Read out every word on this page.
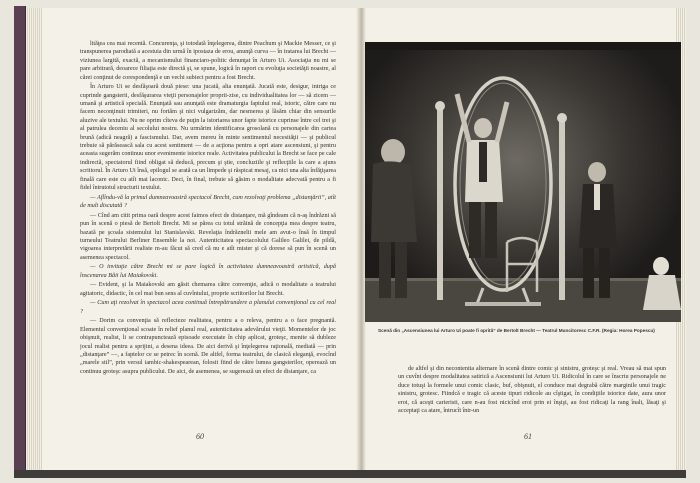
lităţea cea mai recentă. Concurenţa, şi totodată înţelegerea, dintre Peachum şi Mackie Messer, ce şi transpunerea parodiată a acestuia din urmă în ipostaza de erou, anunţă curva — în tratarea lui Brecht — viziunea largită, exactă, a mecanismului financiaro-politic denunţat în Arturo Ui. Asociaţia nu mi se pare arbitrară, deoarece filiaţia este directă şi, se spune, logică în raport cu evoluţia societăţii noastre, al cărei conţinut de corespondenţă e un vechi subiect pentru a fost Brecht.

În Arturo Ui se desfăşoară două piese: una jucată, alta enunţată. Jucată este, desigur, intriga ce cuprinde gangsterii, desfăşurarea vieţii personajelor proprii-zise, cu individualitatea lor — să zicem — umană şi artistică specială. Enunţată sau anunţată este dramaturgia faptului real, istoric, către care nu facem neconţinuit trimiteri, nu fortăm şi nici vulgarizăm, dar nesmerea şi lăsăm chiar din sensurile aluzive ale textului. Nu ne oprim cîteva de puţin la istoriarea unor fapte istorice cuprinse între cel trei şi al patrulea deceniu al secolului nostru. Nu urmărim identificarea grosolană cu personajele din cartea brună (adică neagră) a fascismului. Dar, avem mereu în minte sentimentul necesităţii — şi publicul trebuie să părăsească sala cu acest sentiment — de a acţiona pentru a opri atare ascensiuni, şi pentru aceasta sugerăm continuu unor evenimente istorice reale. Activitatea publicului la Brecht se face pe cale indirectă, spectatorul fiind obligat să deducă, precum şi ştie, concluziile şi reflecţiile la care a ajuns scriitorul. În Arturo Ui însă, epilogul se arată ca un limpede şi răspicat mesaj, ca nici una alta înfăţişarea finală care este cu atît mai laconic. Deci, în final, trebuie să găsim o modalitate adecvată pentru a fi fidel întrutotul structurii textului.

— Aflîndu-vă la primul dumneavoastră spectacol Brecht, cum rezolvaţi problema „distanţării”, atît de mult discutată ?

— Cînd am citit prima oară despre acest faimos efect de distanţare, mă gîndeam că n-aş îndrăzni să pun în scenă o piesă de Bertolt Brecht. Mi se părea cu totul străină de concepţia mea despre teatru, bazată pe şcoala sistemului lui Stanislavski. Revelaţia îndrăznelii mele am avut-o însă în timpul turneului Teatrului Berliner Ensemble la noi. Autenticitatea spectacolului Galileo Galilei, de pildă, vigoarea interpretării realiste m-au făcut să cred că nu e atît mister şi că dorese să pun în scenă un asemenea spectacol.

— O invitaţie către Brecht mi se pare logică în activitatea dumneavoastră artistică, după înscenarea Băii lui Maiakovski.

— Evident, şi la Maiakovski am găsit chemarea către convenţie, adică o modalitate a teatrului agitatoric, didactic, în cel mai bun sens al cuvîntului, proprie scriitorilor lui Brecht.

— Cum aţi rezolvat în spectacol acea continuă întrepătrundere a planului convenţional cu cel real ?

— Dorim ca convenţia să reflecteze realitatea, pentru a o releva, pentru a o face pregnantă. Elementul convenţional scoate în relief planul real, autenticitatea adevărului vieţii. Momentelor de joc obişnuit, realist, li se contrapunctează episoade executate în chip aplicat, groteşc, menite să dubleze jocul realist pentru a sprijini, a desena ideea. De aici derivă şi înţelegerea raţională, mediată — prin „distanţare” —, a faptelor ce se petrec în scenă. De altfel, forma teatrului, de clasică eleganţă, evocînd „marele stil”, prin versul iambic-shakespearean, folosit fiind de către lumea gangsterilor, operează un continuu groteşc asupra publicului. De aici, de asemenea, se sugerează un efect de distanţare, ca

60
Scenă din „Ascensiunea lui Arturo Ui poate fi oprită” de Bertolt Brecht — Teatrul Muncitoresc C.F.R. (Regia: Horea Popescu)

de altfel şi din necontenita alternare în scenă dintre comic şi sinistru, groteşc şi real. Vreau să mai spun un cuvînt despre modalitatea satirică a Ascensiunii lui Arturo Ui. Ridicolul în care se înscriu personajele ne duce totuşi la formele unui comic clasic, buf, obişnuit, el conduce mai degrabă către marginile unui tragic sinistru, grotesc. Fiindcă e tragic că aceste tipuri ridicole au cîştigat, în condiţiile istorice date, aura unor eroi, că aceşti carieristi, care n-au fost nicicînd eroi prin ei înşişi, au fost ridicaţi la rang înalt, lăsaţi şi acceptaţi ca atare, întrucît într-un

61
